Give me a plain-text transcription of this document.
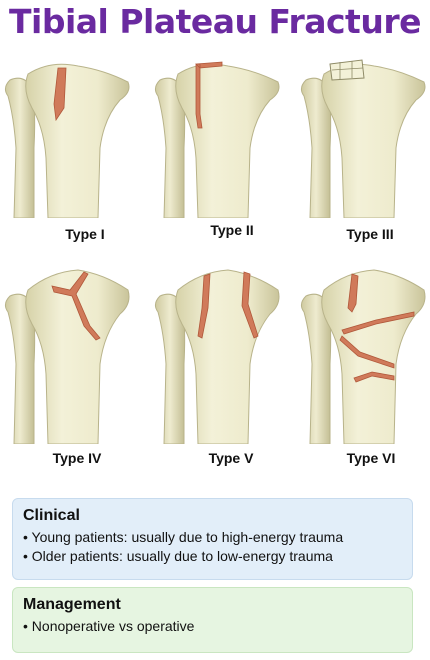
Tibial Plateau Fracture
Type I	Type II	Type III
Type IV	Type V	Type VI
Clinical
• Young patients: usually due to high-energy trauma
• Older patients: usually due to low-energy trauma
Management
• Nonoperative vs operative
